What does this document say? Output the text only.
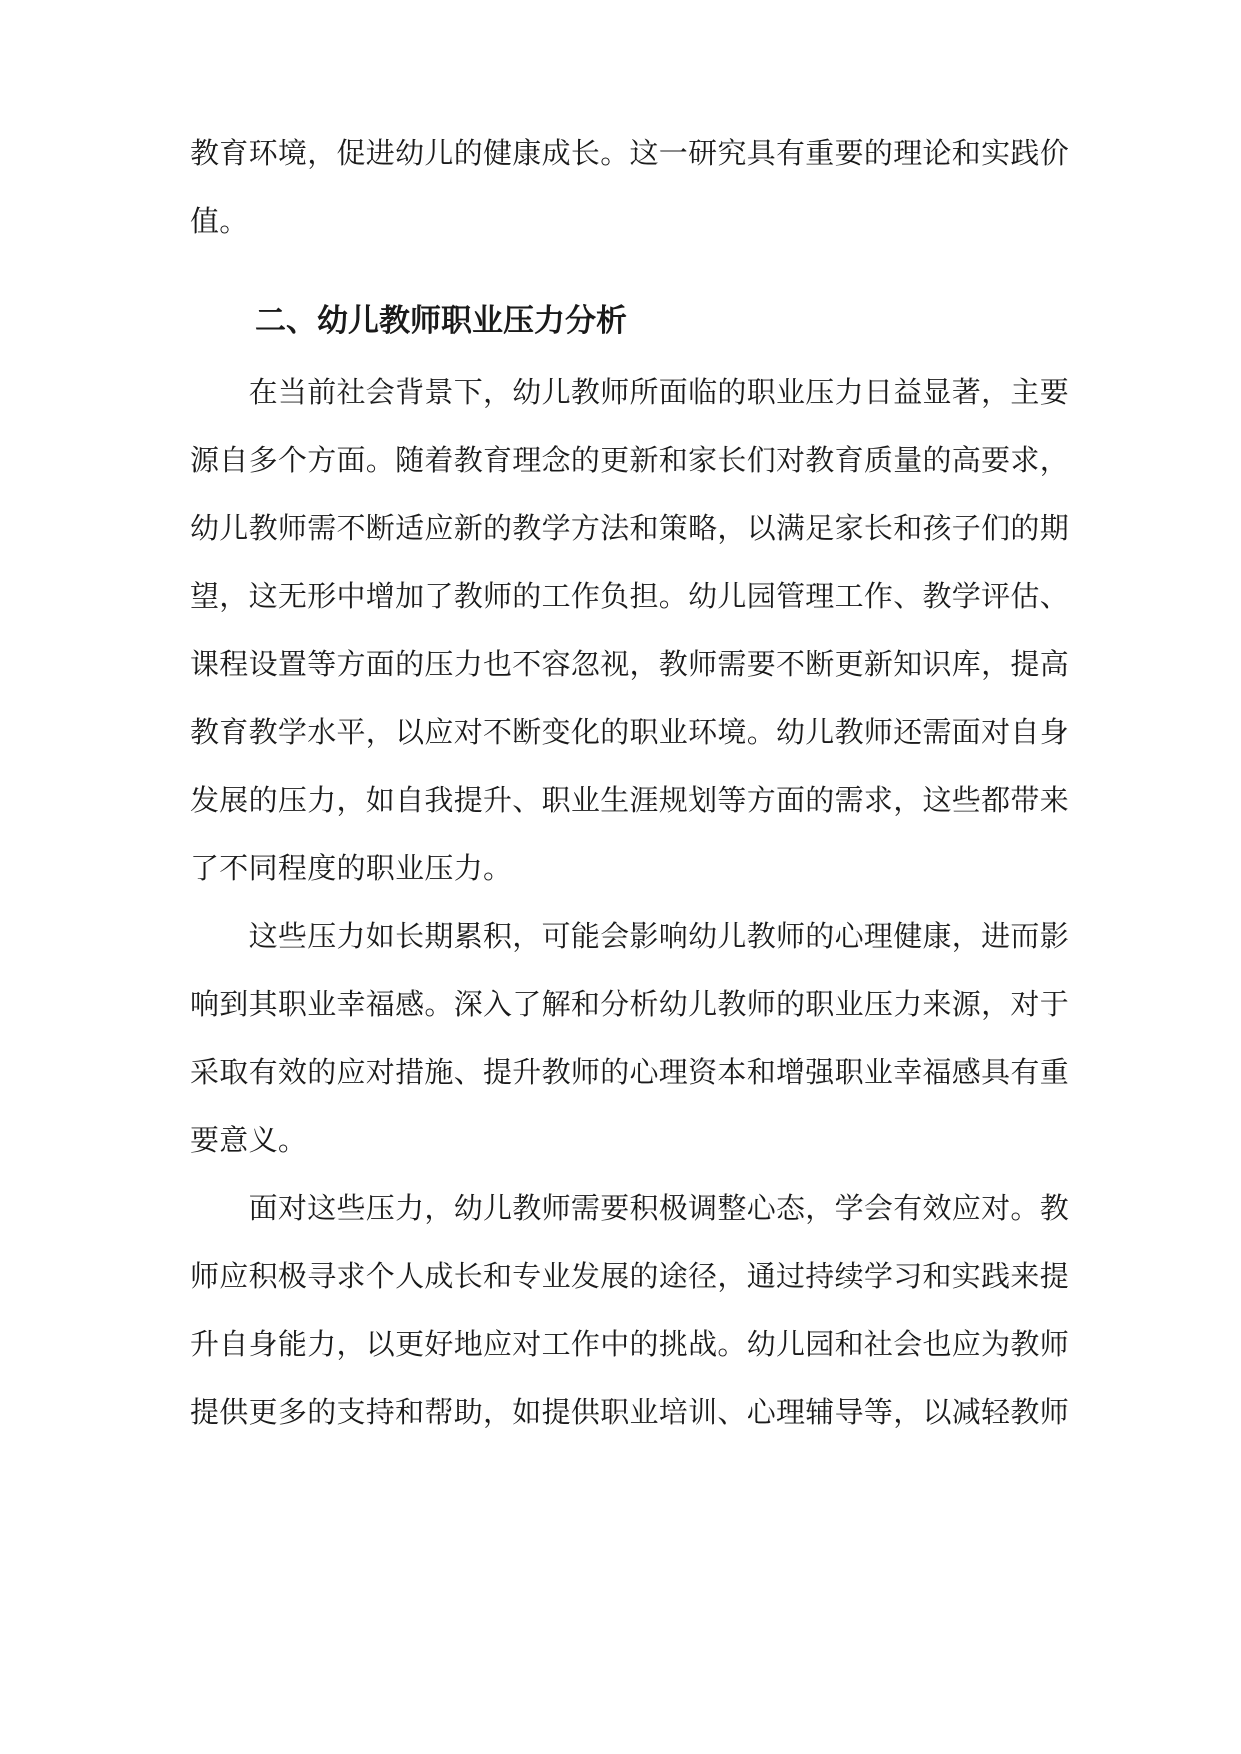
教育环境，促进幼儿的健康成长。这一研究具有重要的理论和实践价
值。
二、幼儿教师职业压力分析
　　在当前社会背景下，幼儿教师所面临的职业压力日益显著，主要
源自多个方面。随着教育理念的更新和家长们对教育质量的高要求，
幼儿教师需不断适应新的教学方法和策略，以满足家长和孩子们的期
望，这无形中增加了教师的工作负担。幼儿园管理工作、教学评估、
课程设置等方面的压力也不容忽视，教师需要不断更新知识库，提高
教育教学水平，以应对不断变化的职业环境。幼儿教师还需面对自身
发展的压力，如自我提升、职业生涯规划等方面的需求，这些都带来
了不同程度的职业压力。
　　这些压力如长期累积，可能会影响幼儿教师的心理健康，进而影
响到其职业幸福感。深入了解和分析幼儿教师的职业压力来源，对于
采取有效的应对措施、提升教师的心理资本和增强职业幸福感具有重
要意义。
　　面对这些压力，幼儿教师需要积极调整心态，学会有效应对。教
师应积极寻求个人成长和专业发展的途径，通过持续学习和实践来提
升自身能力，以更好地应对工作中的挑战。幼儿园和社会也应为教师
提供更多的支持和帮助，如提供职业培训、心理辅导等，以减轻教师
